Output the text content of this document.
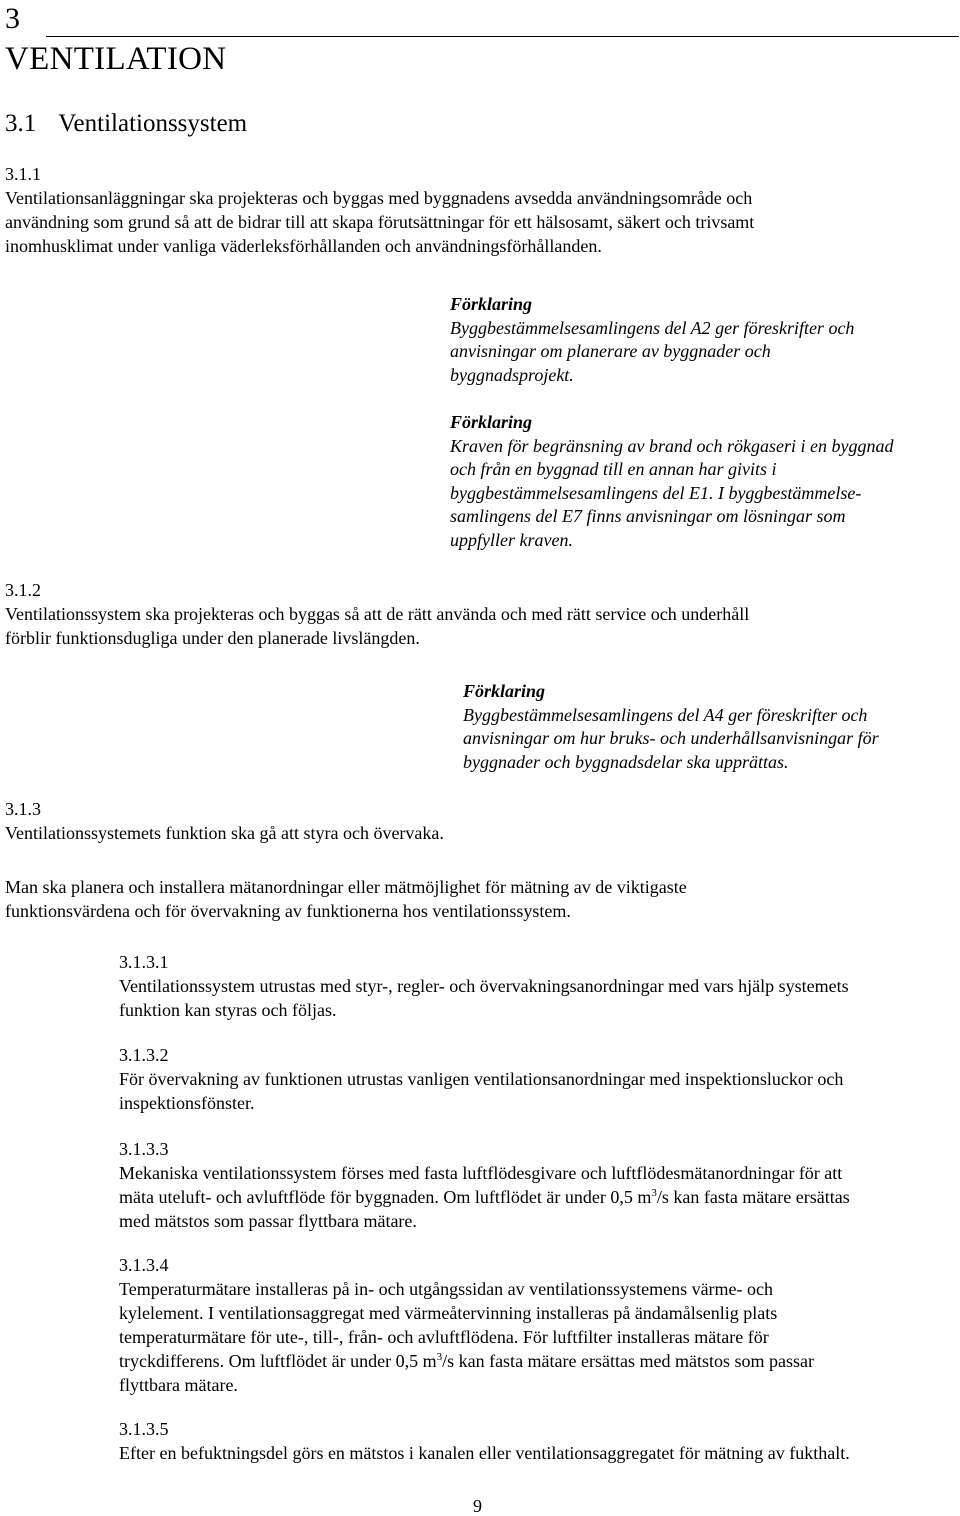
3
VENTILATION
3.1 Ventilationssystem
3.1.1
Ventilationsanläggningar ska projekteras och byggas med byggnadens avsedda användningsområde och
användning som grund så att de bidrar till att skapa förutsättningar för ett hälsosamt, säkert och trivsamt
inomhusklimat under vanliga väderleksförhållanden och användningsförhållanden.
Förklaring
Byggbestämmelsesamlingens del A2 ger föreskrifter och
anvisningar om planerare av byggnader och
byggnadsprojekt.
Förklaring
Kraven för begränsning av brand och rökgaseri i en byggnad
och från en byggnad till en annan har givits i
byggbestämmelsesamlingens del E1. I byggbestämmelse-
samlingens del E7 finns anvisningar om lösningar som
uppfyller kraven.
3.1.2
Ventilationssystem ska projekteras och byggas så att de rätt använda och med rätt service och underhåll
förblir funktionsdugliga under den planerade livslängden.
Förklaring
Byggbestämmelsesamlingens del A4 ger föreskrifter och
anvisningar om hur bruks- och underhållsanvisningar för
byggnader och byggnadsdelar ska upprättas.
3.1.3
Ventilationssystemets funktion ska gå att styra och övervaka.
Man ska planera och installera mätanordningar eller mätmöjlighet för mätning av de viktigaste
funktionsvärdena och för övervakning av funktionerna hos ventilationssystem.
3.1.3.1
Ventilationssystem utrustas med styr-, regler- och övervakningsanordningar med vars hjälp systemets
funktion kan styras och följas.
3.1.3.2
För övervakning av funktionen utrustas vanligen ventilationsanordningar med inspektionsluckor och
inspektionsfönster.
3.1.3.3
Mekaniska ventilationssystem förses med fasta luftflödesgivare och luftflödesmätanordningar för att
mäta uteluft- och avluftflöde för byggnaden. Om luftflödet är under 0,5 $m^3/s$ kan fasta mätare ersättas
med mätstos som passar flyttbara mätare.
3.1.3.4
Temperaturmätare installeras på in- och utgångssidan av ventilationssystemens värme- och
kylelement. I ventilationsaggregat med värmeåtervinning installeras på ändamålsenlig plats
temperaturmätare för ute-, till-, från- och avluftflödena. För luftfilter installeras mätare för
tryckdifferens. Om luftflödet är under 0,5 $m^3/s$ kan fasta mätare ersättas med mätstos som passar
flyttbara mätare.
3.1.3.5
Efter en befuktningsdel görs en mätstos i kanalen eller ventilationsaggregatet för mätning av fukthalt.
9
